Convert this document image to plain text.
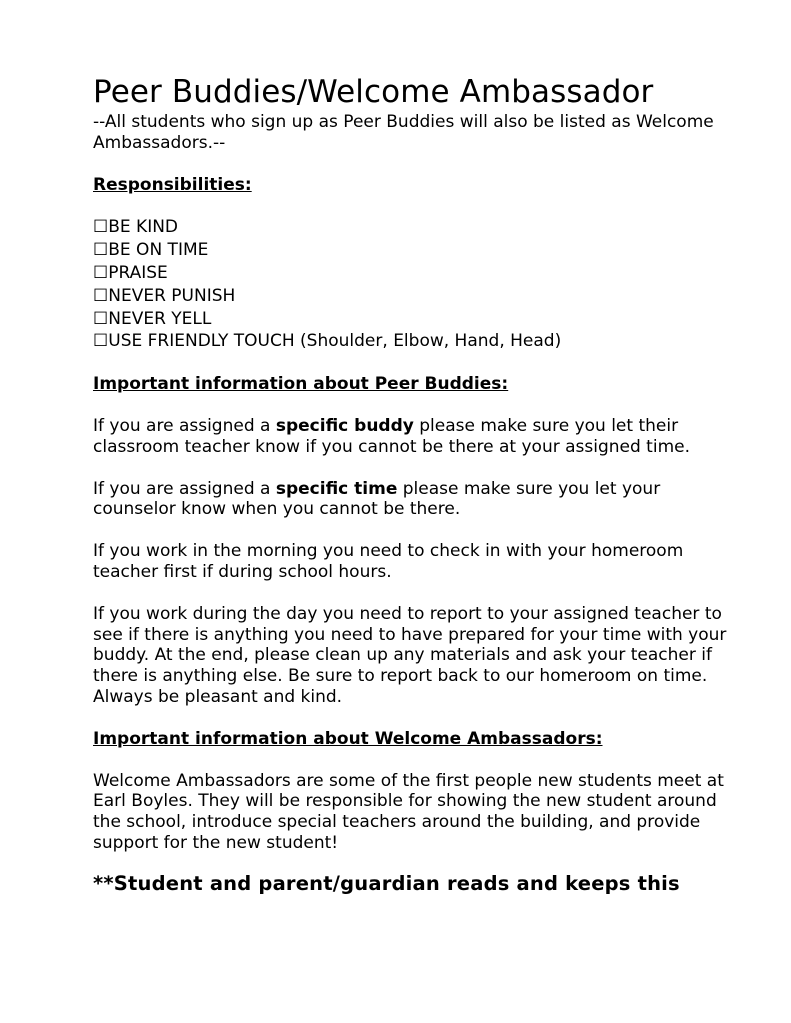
Peer Buddies/Welcome Ambassador

--All students who sign up as Peer Buddies will also be listed as Welcome Ambassadors.--

Responsibilities:

☐BE KIND
☐BE ON TIME
☐PRAISE
☐NEVER PUNISH
☐NEVER YELL
☐USE FRIENDLY TOUCH (Shoulder, Elbow, Hand, Head)

Important information about Peer Buddies:

If you are assigned a specific buddy please make sure you let their classroom teacher know if you cannot be there at your assigned time.

If you are assigned a specific time please make sure you let your counselor know when you cannot be there.

If you work in the morning you need to check in with your homeroom teacher first if during school hours.

If you work during the day you need to report to your assigned teacher to see if there is anything you need to have prepared for your time with your buddy. At the end, please clean up any materials and ask your teacher if there is anything else. Be sure to report back to our homeroom on time. Always be pleasant and kind.

Important information about Welcome Ambassadors:

Welcome Ambassadors are some of the first people new students meet at Earl Boyles. They will be responsible for showing the new student around the school, introduce special teachers around the building, and provide support for the new student!

**Student and parent/guardian reads and keeps this
